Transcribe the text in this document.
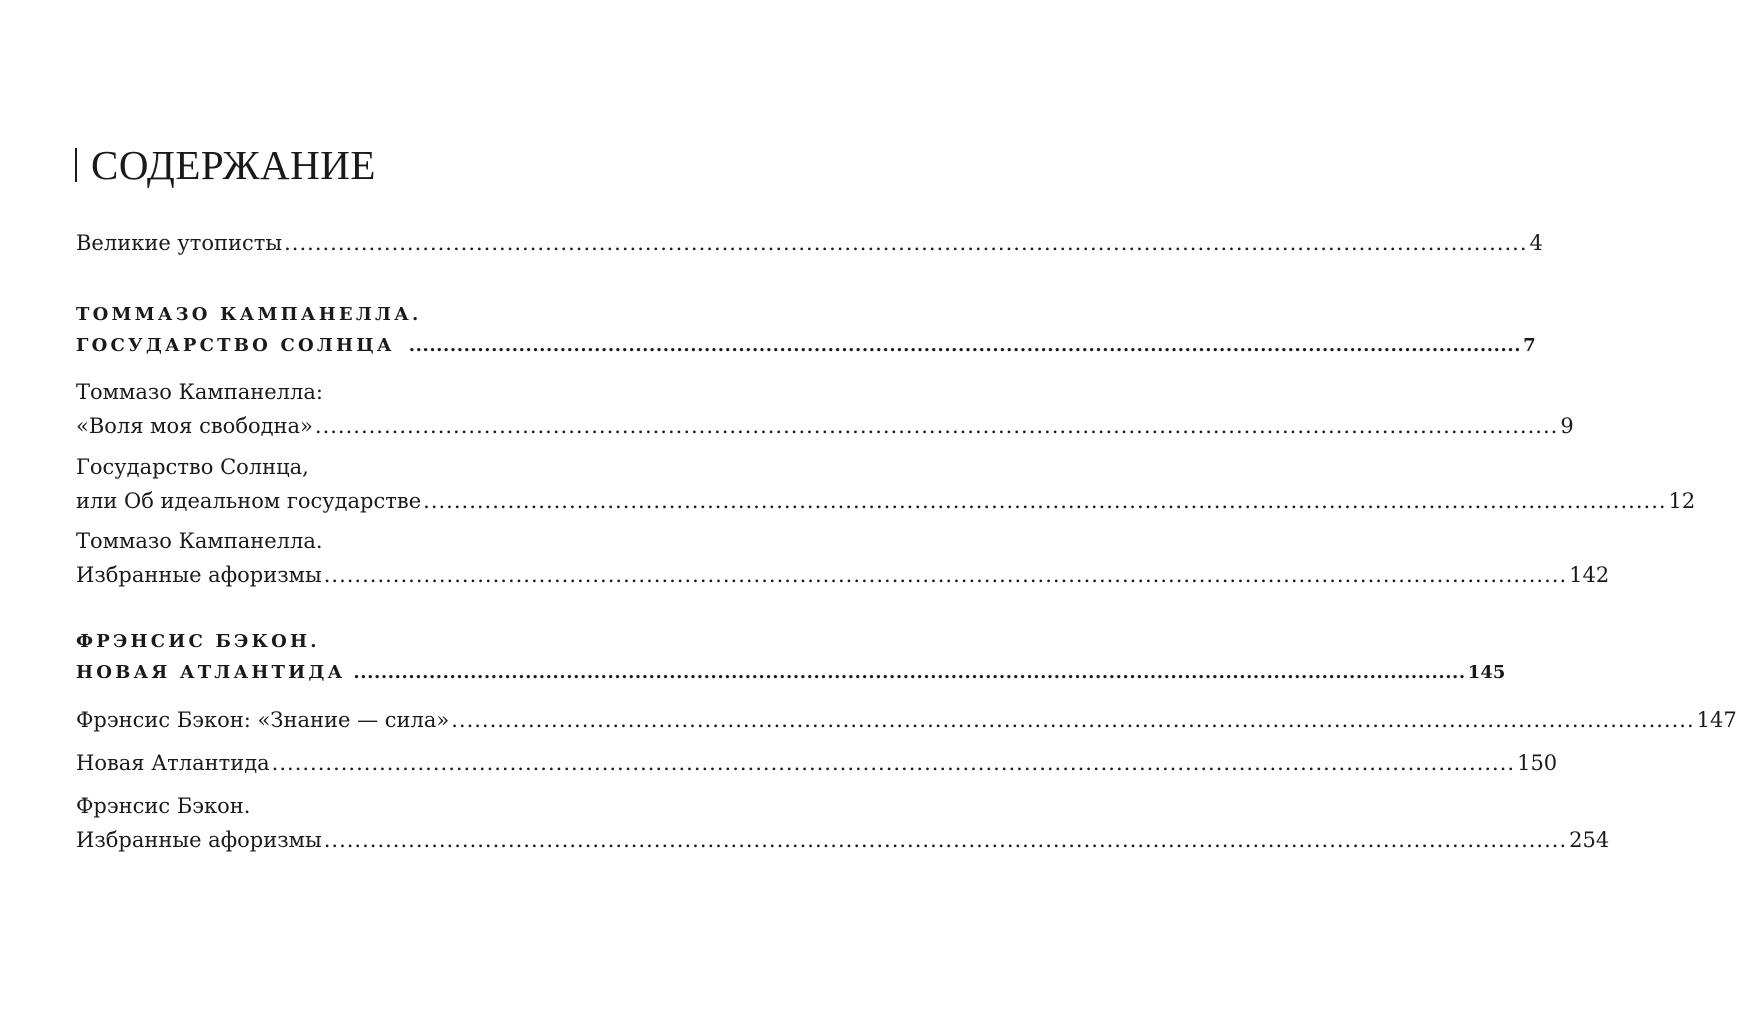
СОДЕРЖАНИЕ
Великие утописты .................................................................................................................................................................. 4
ТОММАЗО КАМПАНЕЛЛА.
ГОСУДАРСТВО СОЛНЦА .................................................................................................................................................................. 7
Томмазо Кампанелла:
«Воля моя свободна» .................................................................................................................................................................. 9
Государство Солнца,
или Об идеальном государстве .................................................................................................................................................................. 12
Томмазо Кампанелла.
Избранные афоризмы .................................................................................................................................................................. 142
ФРЭНСИС БЭКОН.
НОВАЯ АТЛАНТИДА .................................................................................................................................................................. 145
Фрэнсис Бэкон: «Знание — сила» .................................................................................................................................................................. 147
Новая Атлантида .................................................................................................................................................................. 150
Фрэнсис Бэкон.
Избранные афоризмы .................................................................................................................................................................. 254
